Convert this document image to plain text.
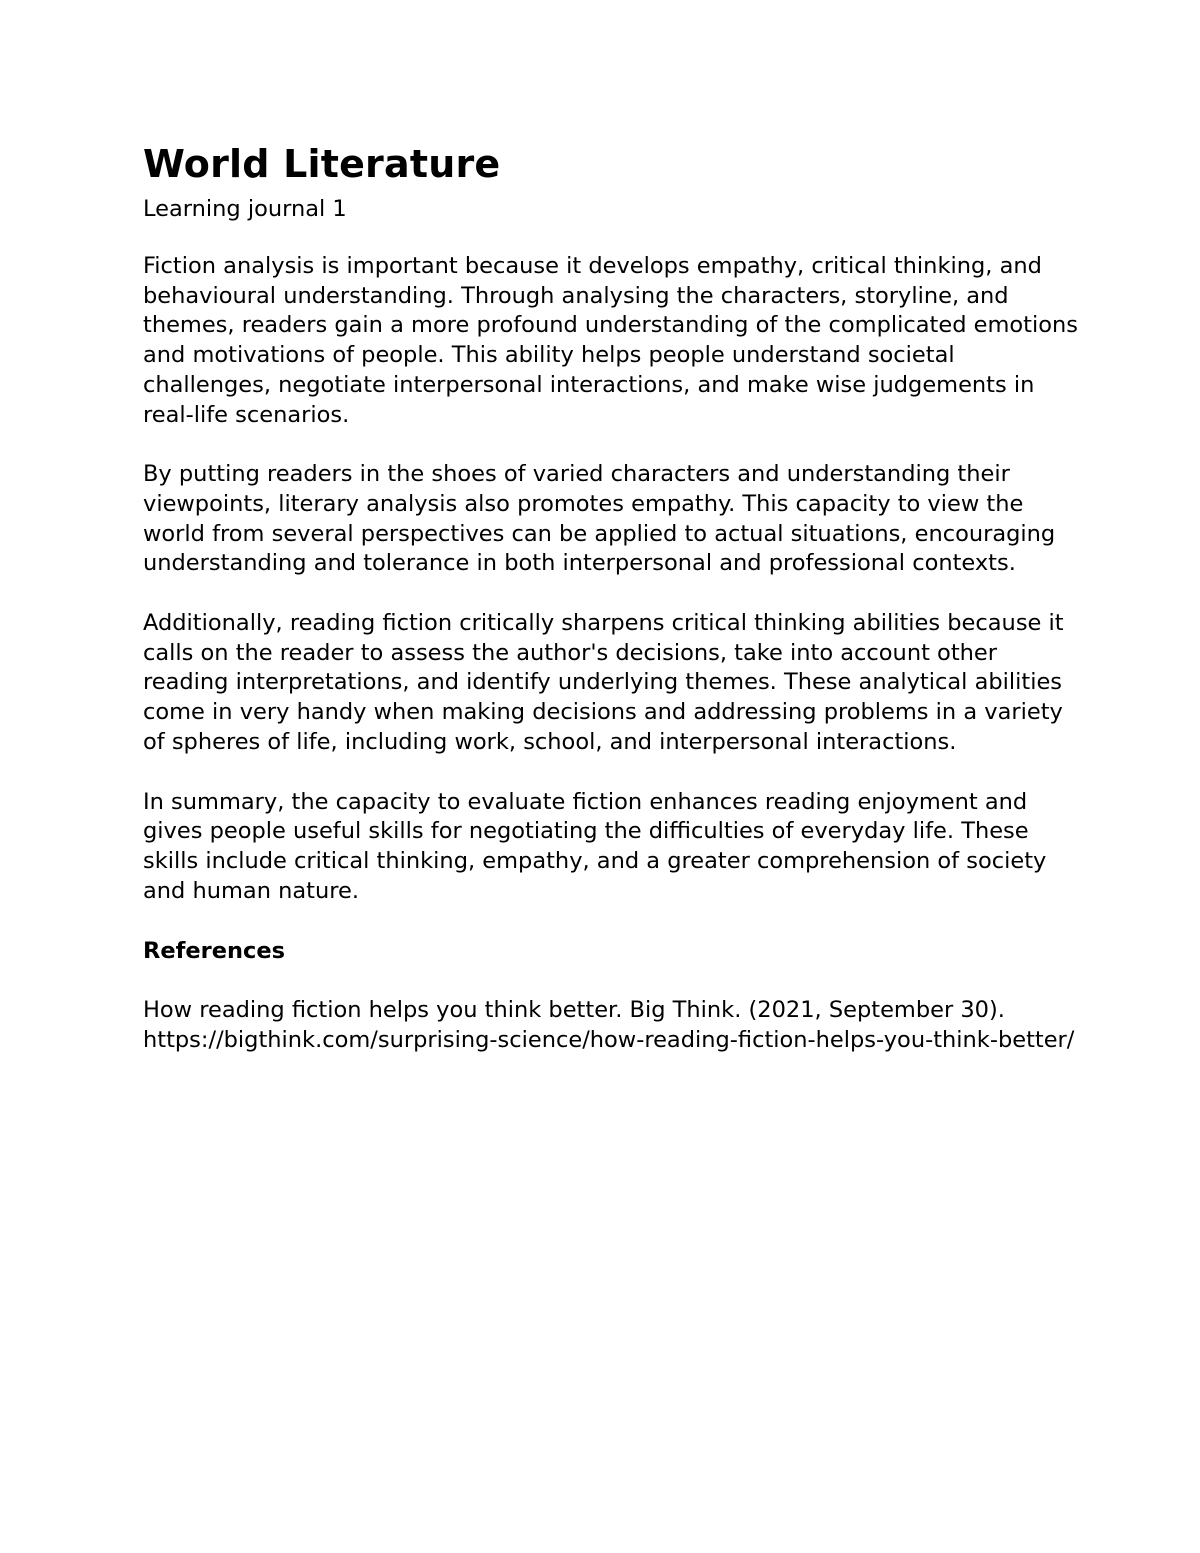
World Literature
Learning journal 1

Fiction analysis is important because it develops empathy, critical thinking, and behavioural understanding. Through analysing the characters, storyline, and themes, readers gain a more profound understanding of the complicated emotions and motivations of people. This ability helps people understand societal challenges, negotiate interpersonal interactions, and make wise judgements in real-life scenarios.

By putting readers in the shoes of varied characters and understanding their viewpoints, literary analysis also promotes empathy. This capacity to view the world from several perspectives can be applied to actual situations, encouraging understanding and tolerance in both interpersonal and professional contexts.

Additionally, reading fiction critically sharpens critical thinking abilities because it calls on the reader to assess the author's decisions, take into account other reading interpretations, and identify underlying themes. These analytical abilities come in very handy when making decisions and addressing problems in a variety of spheres of life, including work, school, and interpersonal interactions.

In summary, the capacity to evaluate fiction enhances reading enjoyment and gives people useful skills for negotiating the difficulties of everyday life. These skills include critical thinking, empathy, and a greater comprehension of society and human nature.

References

How reading fiction helps you think better. Big Think. (2021, September 30). https://bigthink.com/surprising-science/how-reading-fiction-helps-you-think-better/
